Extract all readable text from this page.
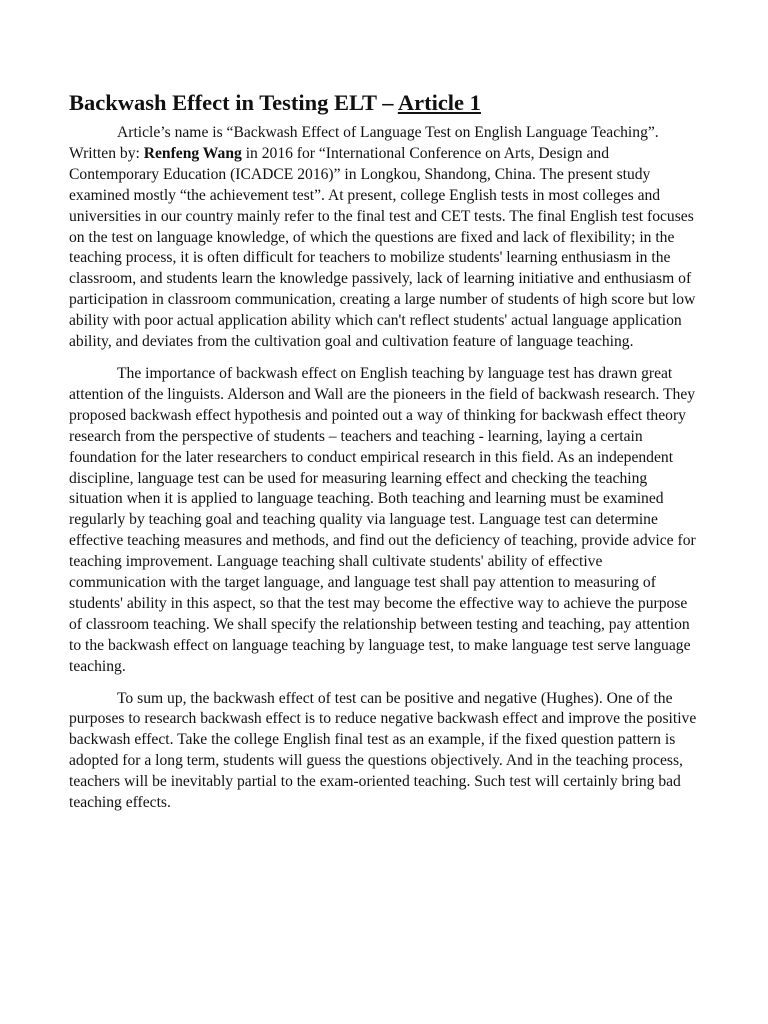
Backwash Effect in Testing ELT – Article 1

Article’s name is “Backwash Effect of Language Test on English Language Teaching”. Written by: Renfeng Wang in 2016 for “International Conference on Arts, Design and Contemporary Education (ICADCE 2016)” in Longkou, Shandong, China. The present study examined mostly “the achievement test”. At present, college English tests in most colleges and universities in our country mainly refer to the final test and CET tests. The final English test focuses on the test on language knowledge, of which the questions are fixed and lack of flexibility; in the teaching process, it is often difficult for teachers to mobilize students' learning enthusiasm in the classroom, and students learn the knowledge passively, lack of learning initiative and enthusiasm of participation in classroom communication, creating a large number of students of high score but low ability with poor actual application ability which can't reflect students' actual language application ability, and deviates from the cultivation goal and cultivation feature of language teaching.

The importance of backwash effect on English teaching by language test has drawn great attention of the linguists. Alderson and Wall are the pioneers in the field of backwash research. They proposed backwash effect hypothesis and pointed out a way of thinking for backwash effect theory research from the perspective of students – teachers and teaching - learning, laying a certain foundation for the later researchers to conduct empirical research in this field. As an independent discipline, language test can be used for measuring learning effect and checking the teaching situation when it is applied to language teaching. Both teaching and learning must be examined regularly by teaching goal and teaching quality via language test. Language test can determine effective teaching measures and methods, and find out the deficiency of teaching, provide advice for teaching improvement. Language teaching shall cultivate students' ability of effective communication with the target language, and language test shall pay attention to measuring of students' ability in this aspect, so that the test may become the effective way to achieve the purpose of classroom teaching. We shall specify the relationship between testing and teaching, pay attention to the backwash effect on language teaching by language test, to make language test serve language teaching.

To sum up, the backwash effect of test can be positive and negative (Hughes). One of the purposes to research backwash effect is to reduce negative backwash effect and improve the positive backwash effect. Take the college English final test as an example, if the fixed question pattern is adopted for a long term, students will guess the questions objectively. And in the teaching process, teachers will be inevitably partial to the exam-oriented teaching. Such test will certainly bring bad teaching effects.
